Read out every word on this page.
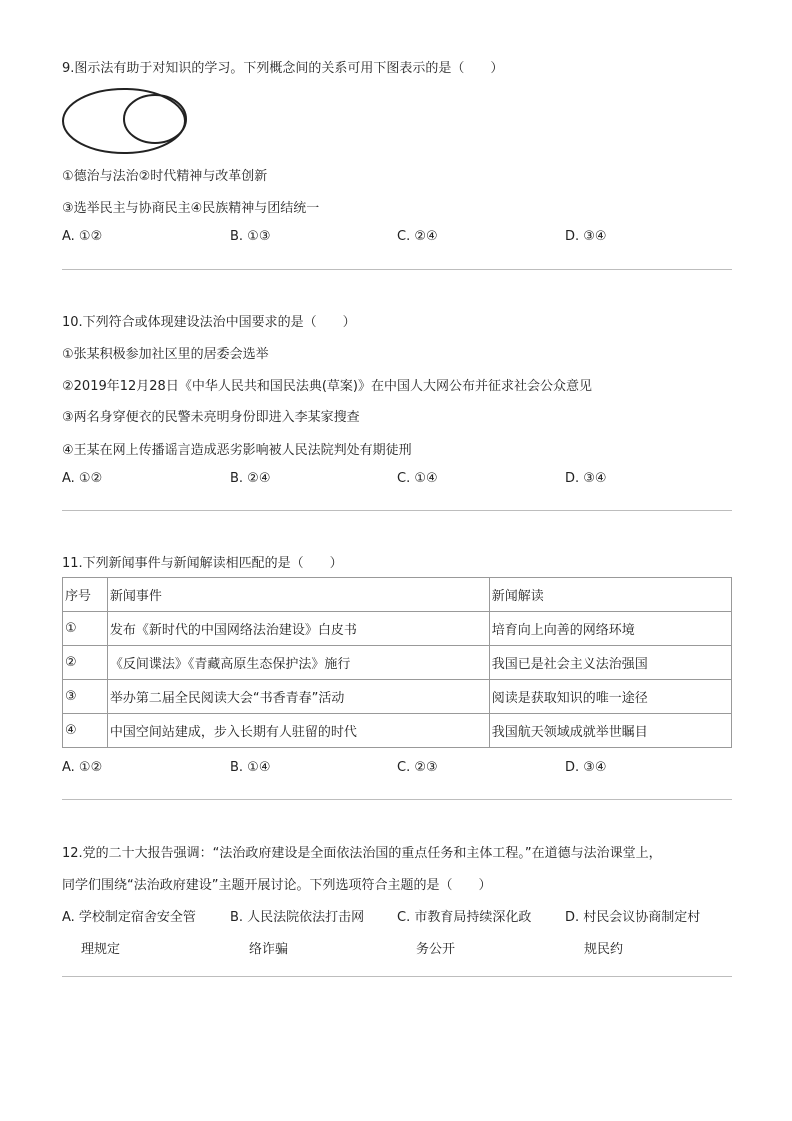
9.图示法有助于对知识的学习。下列概念间的关系可用下图表示的是（　　）
①德治与法治②时代精神与改革创新
③选举民主与协商民主④民族精神与团结统一
A. ①②	B. ①③	C. ②④	D. ③④
10.下列符合或体现建设法治中国要求的是（　　）
①张某积极参加社区里的居委会选举
②2019年12月28日《中华人民共和国民法典(草案)》在中国人大网公布并征求社会公众意见
③两名身穿便衣的民警未亮明身份即进入李某家搜查
④王某在网上传播谣言造成恶劣影响被人民法院判处有期徒刑
A. ①②	B. ②④	C. ①④	D. ③④
11.下列新闻事件与新闻解读相匹配的是（　　）
序号	新闻事件	新闻解读
①	发布《新时代的中国网络法治建设》白皮书	培育向上向善的网络环境
②	《反间谍法》《青藏高原生态保护法》施行	我国已是社会主义法治强国
③	举办第二届全民阅读大会“书香青春”活动	阅读是获取知识的唯一途径
④	中国空间站建成，步入长期有人驻留的时代	我国航天领域成就举世瞩目
A. ①②	B. ①④	C. ②③	D. ③④
12.党的二十大报告强调：“法治政府建设是全面依法治国的重点任务和主体工程。”在道德与法治课堂上，
同学们围绕“法治政府建设”主题开展讨论。下列选项符合主题的是（　　）
A. 学校制定宿舍安全管
理规定
B. 人民法院依法打击网
络诈骗
C. 市教育局持续深化政
务公开
D. 村民会议协商制定村
规民约
